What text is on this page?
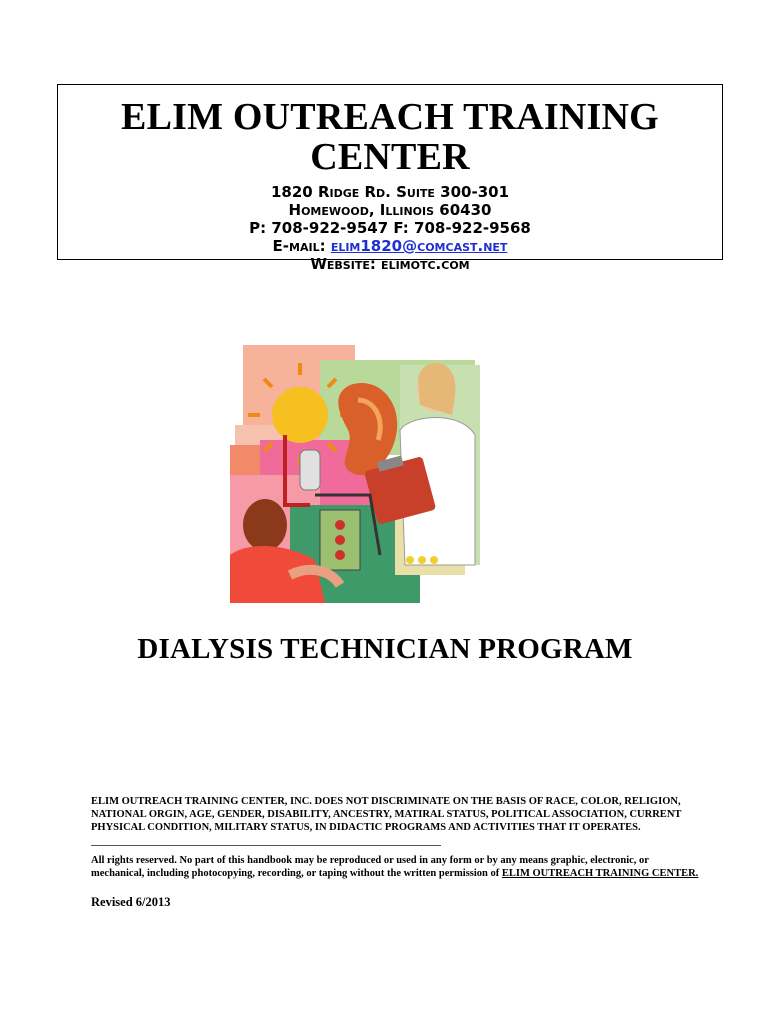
ELIM OUTREACH TRAINING CENTER

1820 Ridge Rd. Suite 300-301

Homewood, Illinois 60430

P: 708-922-9547 F: 708-922-9568

E-mail: elim1820@comcast.net

Website: elimotc.com

DIALYSIS TECHNICIAN PROGRAM
ELIM OUTREACH TRAINING CENTER, INC. DOES NOT DISCRIMINATE ON THE BASIS OF RACE, COLOR, RELIGION, NATIONAL ORGIN, AGE, GENDER, DISABILITY, ANCESTRY, MATIRAL STATUS, POLITICAL ASSOCIATION, CURRENT PHYSICAL CONDITION, MILITARY STATUS, IN DIDACTIC PROGRAMS AND ACTIVITIES THAT IT OPERATES.
All rights reserved. No part of this handbook may be reproduced or used in any form or by any means graphic, electronic, or mechanical, including photocopying, recording, or taping without the written permission of ELIM OUTREACH TRAINING CENTER.
Revised 6/2013
